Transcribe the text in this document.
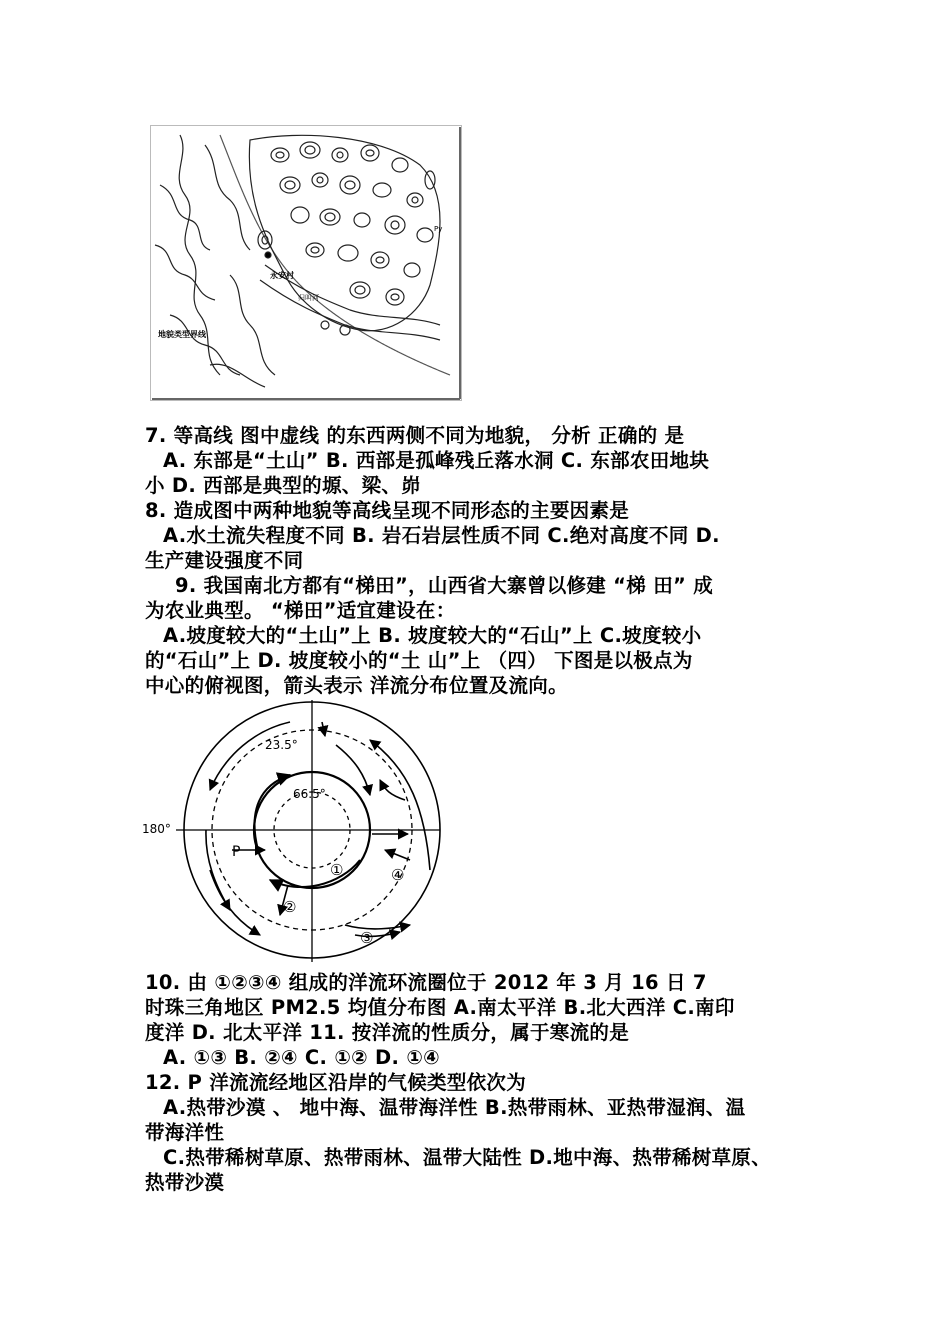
永安村
归叫河
Py
地貌类型界线

7. 等高线 图中虚线 的东西两侧不同为地貌， 分析 正确的 是

A. 东部是“土山” B. 西部是孤峰残丘落水洞 C. 东部农田地块

小 D. 西部是典型的塬、梁、峁

8. 造成图中两种地貌等高线呈现不同形态的主要因素是

A.水土流失程度不同 B. 岩石岩层性质不同 C.绝对高度不同 D.

生产建设强度不同

9. 我国南北方都有“梯田”，山西省大寨曾以修建 “梯 田” 成

为农业典型。 “梯田”适宜建设在：

A.坡度较大的“土山”上 B. 坡度较大的“石山”上 C.坡度较小

的“石山”上 D. 坡度较小的“土 山”上 （四） 下图是以极点为

中心的俯视图，箭头表示 洋流分布位置及流向。

23.5°
66.5°
180°
P
①
②
③
④

10. 由 ①②③④ 组成的洋流环流圈位于 2012 年 3 月 16 日 7

时珠三角地区 PM2.5 均值分布图 A.南太平洋 B.北大西洋 C.南印

度洋 D. 北太平洋 11. 按洋流的性质分，属于寒流的是

A. ①③ B. ②④ C. ①② D. ①④

12. P 洋流流经地区沿岸的气候类型依次为

A.热带沙漠 、 地中海、温带海洋性 B.热带雨林、亚热带湿润、温

带海洋性

C.热带稀树草原、热带雨林、温带大陆性 D.地中海、热带稀树草原、

热带沙漠
